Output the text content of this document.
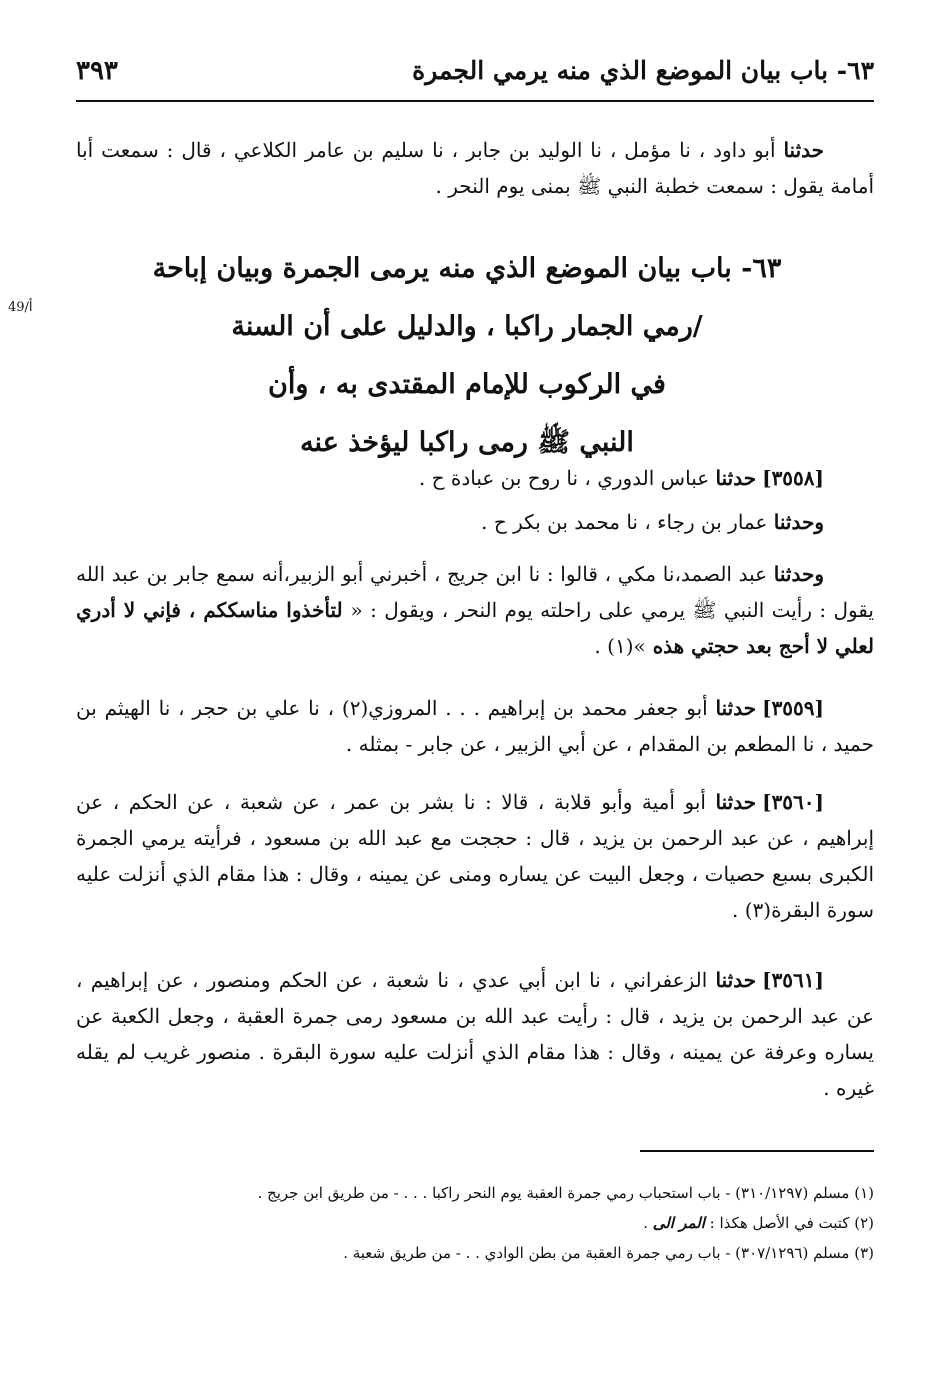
٦٣- باب بيان الموضع الذي منه يرمي الجمرة
٣٩٣
49/أ

حدثنا أبو داود ، نا مؤمل ، نا الوليد بن جابر ، نا سليم بن عامر الكلاعي ، قال : سمعت أبا أمامة يقول : سمعت خطبة النبي ﷺ بمنى يوم النحر .

٦٣- باب بيان الموضع الذي منه يرمى الجمرة وبيان إباحة
/رمي الجمار راكبا ، والدليل على أن السنة
في الركوب للإمام المقتدى به ، وأن
النبي ﷺ رمى راكبا ليؤخذ عنه

[٣٥٥٨]حدثنا عباس الدوري ، نا روح بن عبادة ح .

وحدثنا عمار بن رجاء ، نا محمد بن بكر ح .

وحدثنا عبد الصمد،نا مكي ، قالوا : نا ابن جريج ، أخبرني أبو الزبير،أنه سمع جابر بن عبد الله يقول : رأيت النبي ﷺ يرمي على راحلته يوم النحر ، ويقول : « لتأخذوا مناسككم ، فإني لا أدري لعلي لا أحج بعد حجتي هذه »(١) .

[٣٥٥٩]حدثنا أبو جعفر محمد بن إبراهيم . . . المروزي(٢) ، نا علي بن حجر ، نا الهيثم بن حميد ، نا المطعم بن المقدام ، عن أبي الزبير ، عن جابر - بمثله .

[٣٥٦٠]حدثنا أبو أمية وأبو قلابة ، قالا : نا بشر بن عمر ، عن شعبة ، عن الحكم ، عن إبراهيم ، عن عبد الرحمن بن يزيد ، قال : حججت مع عبد الله بن مسعود ، فرأيته يرمي الجمرة الكبرى بسبع حصيات ، وجعل البيت عن يساره ومنى عن يمينه ، وقال : هذا مقام الذي أنزلت عليه سورة البقرة(٣) .

[٣٥٦١]حدثنا الزعفراني ، نا ابن أبي عدي ، نا شعبة ، عن الحكم ومنصور ، عن إبراهيم ، عن عبد الرحمن بن يزيد ، قال : رأيت عبد الله بن مسعود رمى جمرة العقبة ، وجعل الكعبة عن يساره وعرفة عن يمينه ، وقال : هذا مقام الذي أنزلت عليه سورة البقرة . منصور غريب لم يقله غيره .

(١) مسلم (٣١٠/١٢٩٧) - باب استحباب رمي جمرة العقبة يوم النحر راكبا . . . - من طريق ابن جريج .

(٢) كتبت في الأصل هكذا : المر الى .

(٣) مسلم (٣٠٧/١٢٩٦) - باب رمي جمرة العقبة من بطن الوادي . . - من طريق شعبة .
